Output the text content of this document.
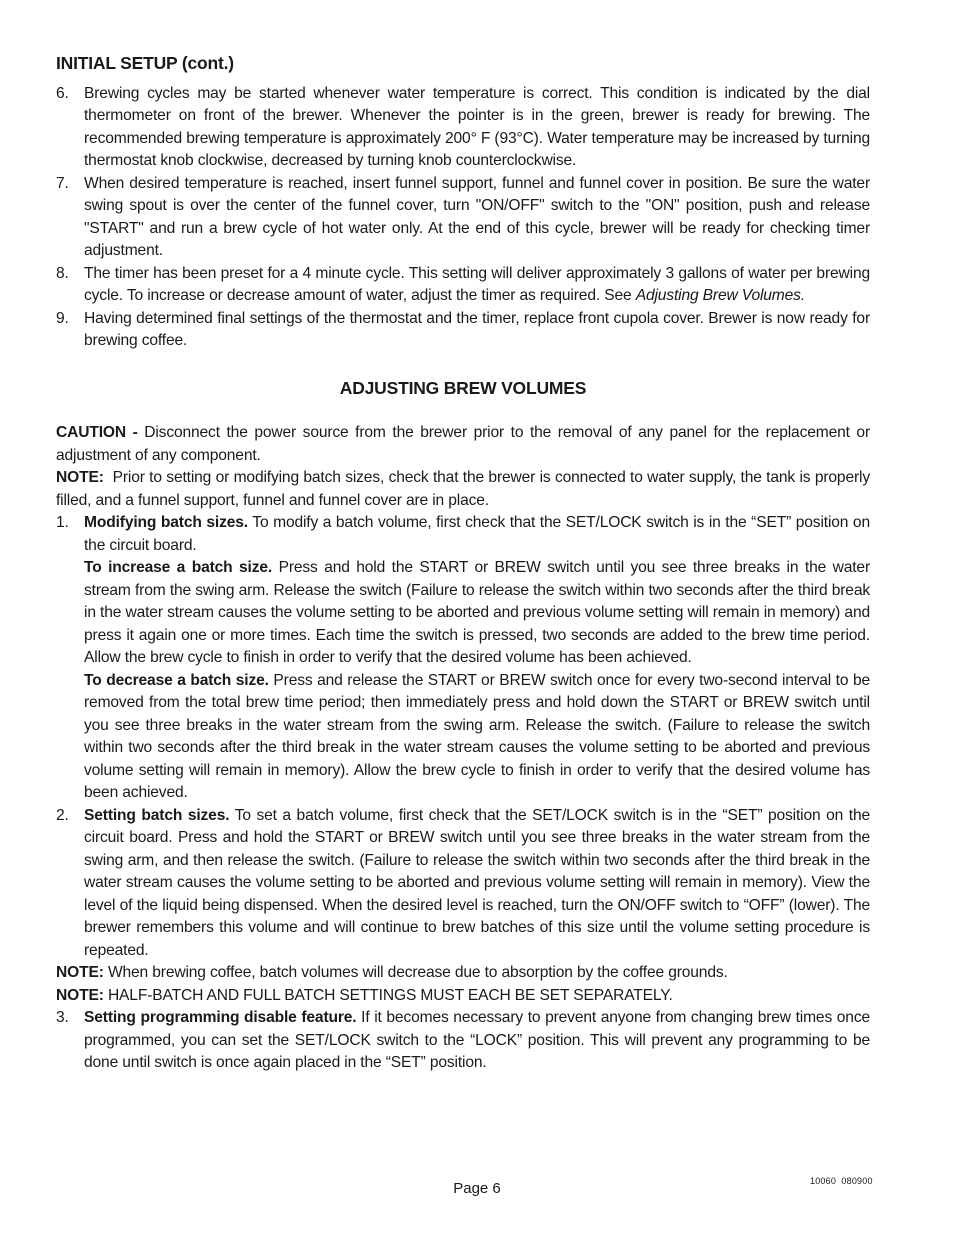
INITIAL SETUP (cont.)
6. Brewing cycles may be started whenever water temperature is correct. This condition is indicated by the dial thermometer on front of the brewer. Whenever the pointer is in the green, brewer is ready for brewing. The recommended brewing temperature is approximately 200° F (93°C). Water temperature may be increased by turning thermostat knob clockwise, decreased by turning knob counterclockwise.
7. When desired temperature is reached, insert funnel support, funnel and funnel cover in position. Be sure the water swing spout is over the center of the funnel cover, turn "ON/OFF" switch to the "ON" position, push and release "START" and run a brew cycle of hot water only. At the end of this cycle, brewer will be ready for checking timer adjustment.
8. The timer has been preset for a 4 minute cycle. This setting will deliver approximately 3 gallons of water per brewing cycle. To increase or decrease amount of water, adjust the timer as required. See Adjusting Brew Volumes.
9. Having determined final settings of the thermostat and the timer, replace front cupola cover. Brewer is now ready for brewing coffee.
ADJUSTING BREW VOLUMES
CAUTION - Disconnect the power source from the brewer prior to the removal of any panel for the replacement or adjustment of any component.
NOTE:  Prior to setting or modifying batch sizes, check that the brewer is connected to water supply, the tank is properly filled, and a funnel support, funnel and funnel cover are in place.
1. Modifying batch sizes. To modify a batch volume, first check that the SET/LOCK switch is in the “SET” position on the circuit board.
To increase a batch size. Press and hold the START or BREW switch until you see three breaks in the water stream from the swing arm. Release the switch (Failure to release the switch within two seconds after the third break in the water stream causes the volume setting to be aborted and previous volume setting will remain in memory) and press it again one or more times. Each time the switch is pressed, two seconds are added to the brew time period. Allow the brew cycle to finish in order to verify that the desired volume has been achieved.
To decrease a batch size. Press and release the START or BREW switch once for every two-second interval to be removed from the total brew time period; then immediately press and hold down the START or BREW switch until you see three breaks in the water stream from the swing arm. Release the switch. (Failure to release the switch within two seconds after the third break in the water stream causes the volume setting to be aborted and previous volume setting will remain in memory). Allow the brew cycle to finish in order to verify that the desired volume has been achieved.
2. Setting batch sizes. To set a batch volume, first check that the SET/LOCK switch is in the “SET” position on the circuit board. Press and hold the START or BREW switch until you see three breaks in the water stream from the swing arm, and then release the switch. (Failure to release the switch within two seconds after the third break in the water stream causes the volume setting to be aborted and previous volume setting will remain in memory). View the level of the liquid being dispensed. When the desired level is reached, turn the ON/OFF switch to “OFF” (lower). The brewer remembers this volume and will continue to brew batches of this size until the volume setting procedure is repeated.
NOTE: When brewing coffee, batch volumes will decrease due to absorption by the coffee grounds.
NOTE: HALF-BATCH AND FULL BATCH SETTINGS MUST EACH BE SET SEPARATELY.
3. Setting programming disable feature. If it becomes necessary to prevent anyone from changing brew times once programmed, you can set the SET/LOCK switch to the “LOCK” position. This will prevent any programming to be done until switch is once again placed in the “SET” position.
Page 6	10060  080900
